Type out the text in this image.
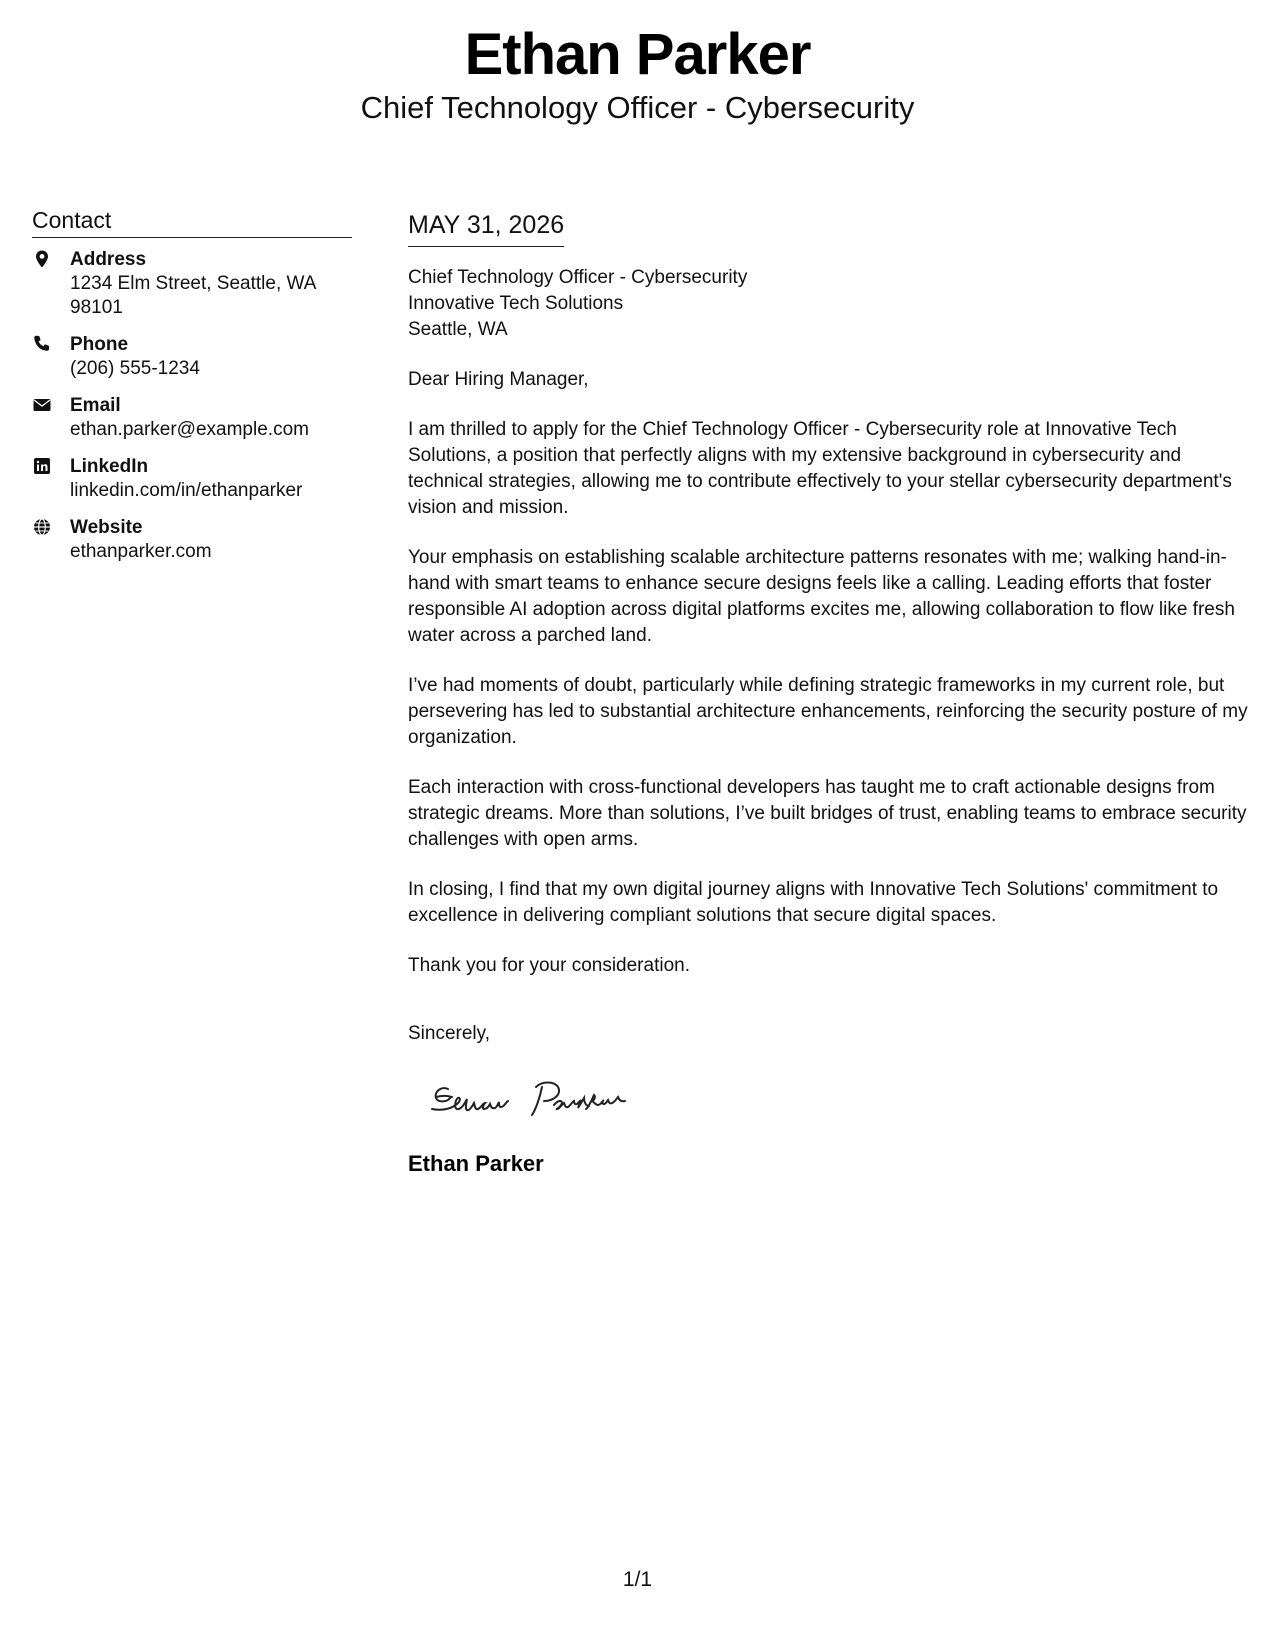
Ethan Parker
Chief Technology Officer - Cybersecurity
Contact
Address
1234 Elm Street, Seattle, WA 98101
Phone
(206) 555-1234
Email
ethan.parker@example.com
LinkedIn
linkedin.com/in/ethanparker
Website
ethanparker.com
MAY 31, 2026
Chief Technology Officer - Cybersecurity
Innovative Tech Solutions
Seattle, WA
Dear Hiring Manager,
I am thrilled to apply for the Chief Technology Officer - Cybersecurity role at Innovative Tech Solutions, a position that perfectly aligns with my extensive background in cybersecurity and technical strategies, allowing me to contribute effectively to your stellar cybersecurity department's vision and mission.
Your emphasis on establishing scalable architecture patterns resonates with me; walking hand-in-hand with smart teams to enhance secure designs feels like a calling. Leading efforts that foster responsible AI adoption across digital platforms excites me, allowing collaboration to flow like fresh water across a parched land.
I’ve had moments of doubt, particularly while defining strategic frameworks in my current role, but persevering has led to substantial architecture enhancements, reinforcing the security posture of my organization.
Each interaction with cross-functional developers has taught me to craft actionable designs from strategic dreams. More than solutions, I’ve built bridges of trust, enabling teams to embrace security challenges with open arms.
In closing, I find that my own digital journey aligns with Innovative Tech Solutions' commitment to excellence in delivering compliant solutions that secure digital spaces.
Thank you for your consideration.
Sincerely,
Ethan Parker
1/1
